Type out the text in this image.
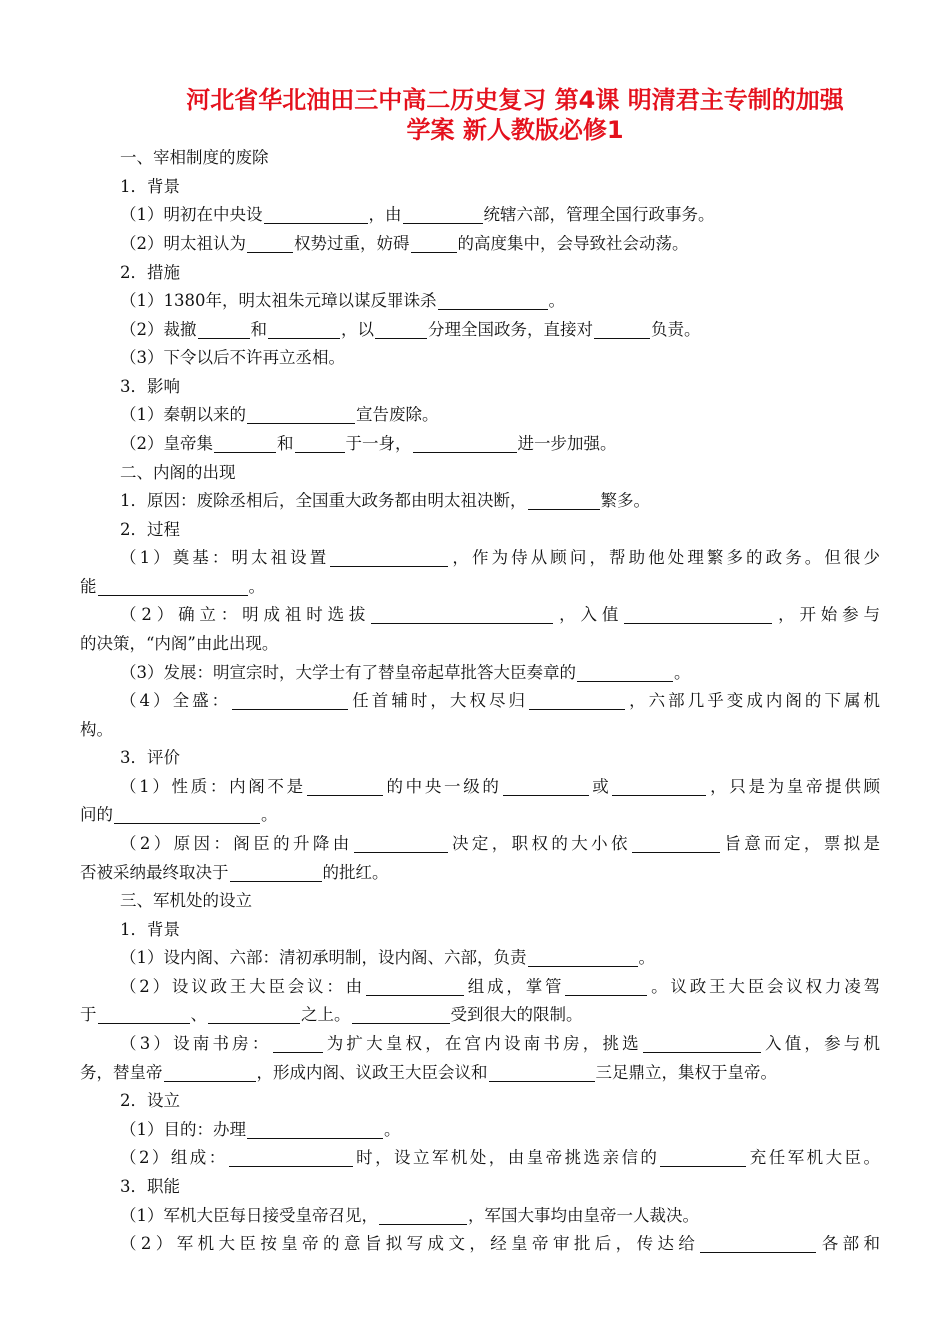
河北省华北油田三中高二历史复习 第4课 明清君主专制的加强
学案 新人教版必修1
一、宰相制度的废除
1．背景
（1）明初在中央设	，由	统辖六部，管理全国行政事务。
（2）明太祖认为	权势过重，妨碍	的高度集中，会导致社会动荡。
2．措施
（1）1380年，明太祖朱元璋以谋反罪诛杀	。
（2）裁撤	和	，以	分理全国政务，直接对	负责。
（3）下令以后不许再立丞相。
3．影响
（1）秦朝以来的	宣告废除。
（2）皇帝集	和	于一身，	进一步加强。
二、内阁的出现
1．原因：废除丞相后，全国重大政务都由明太祖决断，	繁多。
2．过程
（1）奠基：明太祖设置	，作为侍从顾问，帮助他处理繁多的政务。但很少
能	。
（2）确立：明成祖时选拔	，入值	，开始参与
的决策，“内阁”由此出现。
（3）发展：明宣宗时，大学士有了替皇帝起草批答大臣奏章的	。
（4）全盛：	任首辅时，大权尽归	，六部几乎变成内阁的下属机
构。
3．评价
（1）性质：内阁不是	的中央一级的	或	，只是为皇帝提供顾
问的	。
（2）原因：阁臣的升降由	决定，职权的大小依	旨意而定，票拟是
否被采纳最终取决于	的批红。
三、军机处的设立
1．背景
（1）设内阁、六部：清初承明制，设内阁、六部，负责	。
（2）设议政王大臣会议：由	组成，掌管	。议政王大臣会议权力凌驾
于	、	之上。	受到很大的限制。
（3）设南书房：	为扩大皇权，在宫内设南书房，挑选	入值，参与机
务，替皇帝	，形成内阁、议政王大臣会议和	三足鼎立，集权于皇帝。
2．设立
（1）目的：办理	。
（2）组成：	时，设立军机处，由皇帝挑选亲信的	充任军机大臣。
3．职能
（1）军机大臣每日接受皇帝召见，	，军国大事均由皇帝一人裁决。
（2）军机大臣按皇帝的意旨拟写成文，经皇帝审批后，传达给	各部和
